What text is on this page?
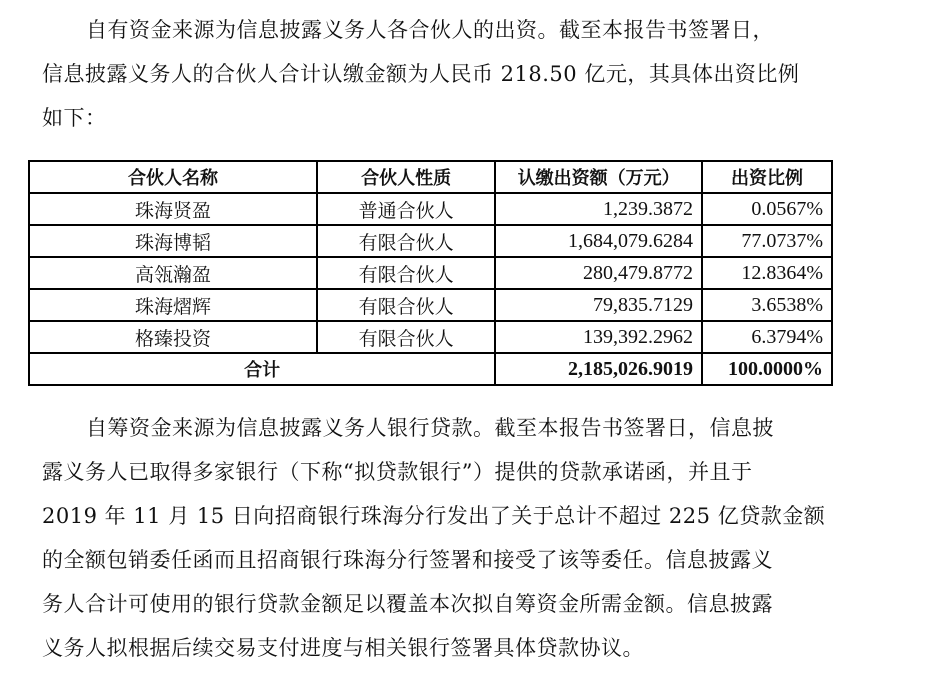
自有资金来源为信息披露义务人各合伙人的出资。截至本报告书签署日，
信息披露义务人的合伙人合计认缴金额为人民币 218.50 亿元，其具体出资比例
如下：
合伙人名称	合伙人性质	认缴出资额（万元）	出资比例
珠海贤盈	普通合伙人	1,239.3872	0.0567%
珠海博韬	有限合伙人	1,684,079.6284	77.0737%
高瓴瀚盈	有限合伙人	280,479.8772	12.8364%
珠海熠辉	有限合伙人	79,835.7129	3.6538%
格臻投资	有限合伙人	139,392.2962	6.3794%
合计		2,185,026.9019	100.0000%
自筹资金来源为信息披露义务人银行贷款。截至本报告书签署日，信息披
露义务人已取得多家银行（下称“拟贷款银行”）提供的贷款承诺函，并且于
2019 年 11 月 15 日向招商银行珠海分行发出了关于总计不超过 225 亿贷款金额
的全额包销委任函而且招商银行珠海分行签署和接受了该等委任。信息披露义
务人合计可使用的银行贷款金额足以覆盖本次拟自筹资金所需金额。信息披露
义务人拟根据后续交易支付进度与相关银行签署具体贷款协议。
